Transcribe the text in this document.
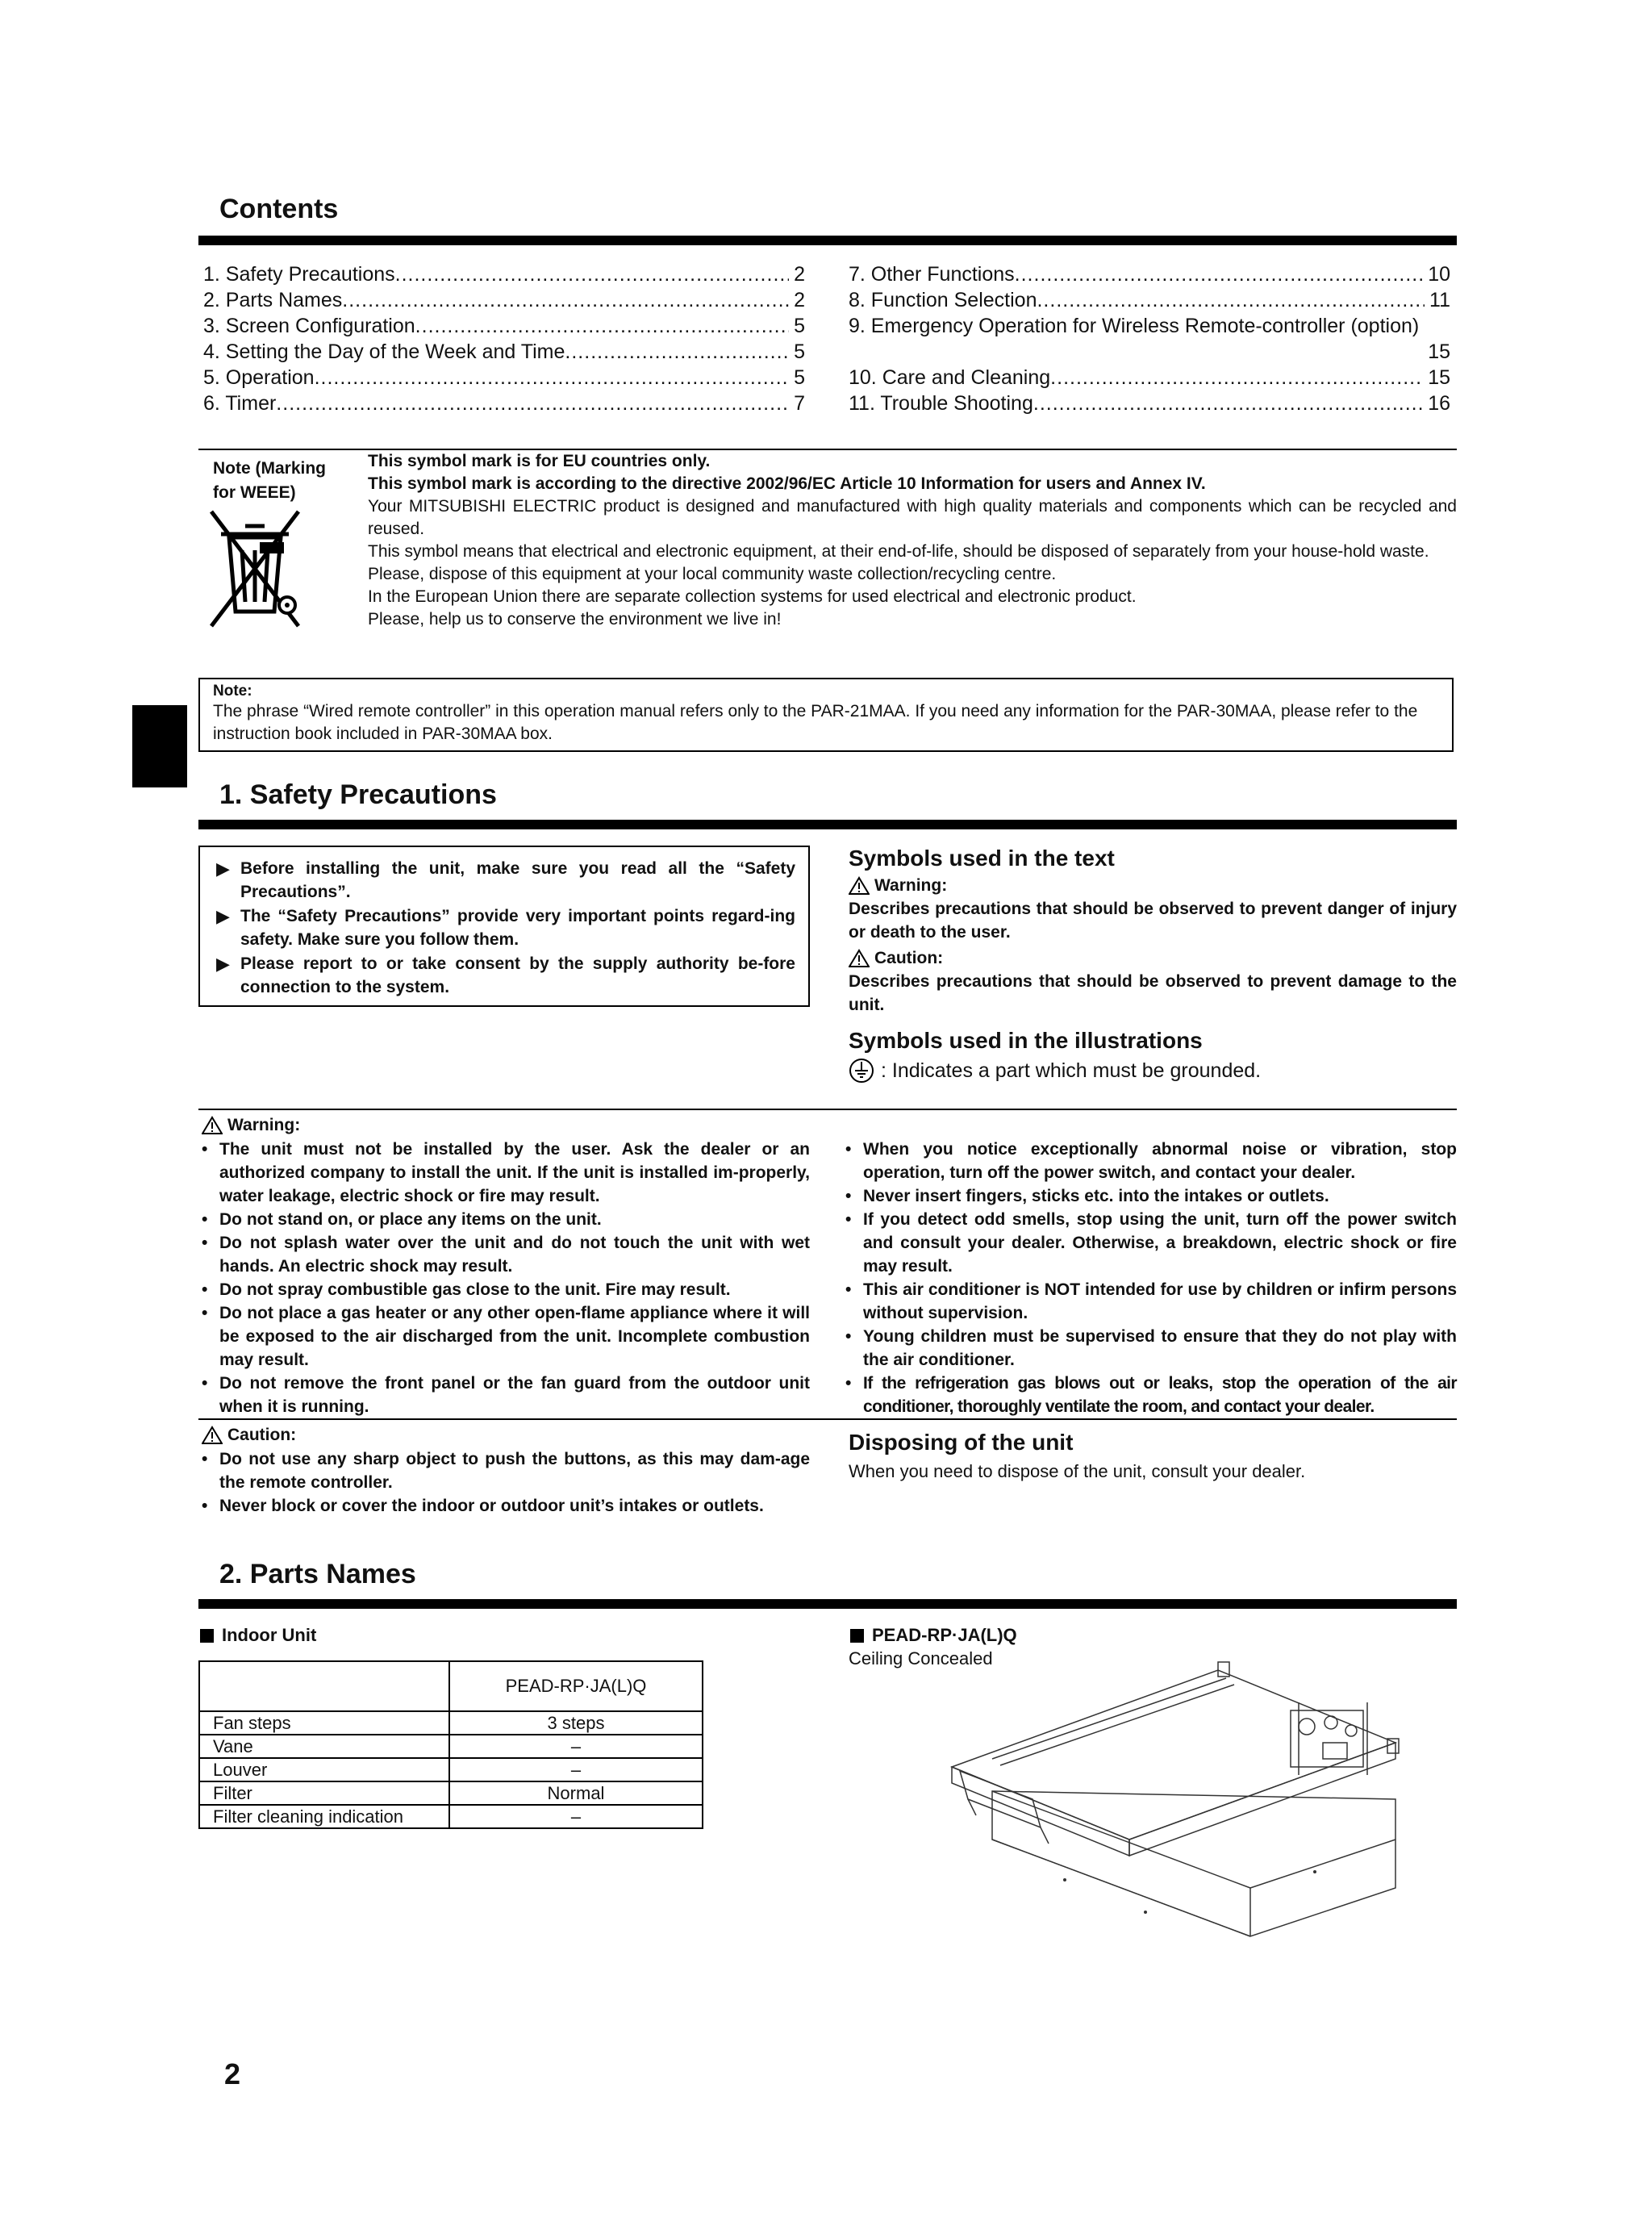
Contents
1. Safety Precautions .....	2
2. Parts Names .....	2
3. Screen Configuration .....	5
4. Setting the Day of the Week and Time .....	5
5. Operation .....	5
6. Timer .....	7
7. Other Functions .....	10
8. Function Selection .....	11
9. Emergency Operation for Wireless Remote-controller (option)
15
10. Care and Cleaning .....	15
11. Trouble Shooting .....	16
Note (Marking
for WEEE)

This symbol mark is for EU countries only.

This symbol mark is according to the directive 2002/96/EC Article 10 Information for users and Annex IV.

Your MITSUBISHI ELECTRIC product is designed and manufactured with high quality materials and components which can be recycled and reused.

This symbol means that electrical and electronic equipment, at their end-of-life, should be disposed of separately from your house-hold waste.

Please, dispose of this equipment at your local community waste collection/recycling centre.

In the European Union there are separate collection systems for used electrical and electronic product.

Please, help us to conserve the environment we live in!

Note:
The phrase “Wired remote controller” in this operation manual refers only to the PAR-21MAA. If you need any information for the PAR-30MAA, please refer to the instruction book included in PAR-30MAA box.
1. Safety Precautions
▶ Before installing the unit, make sure you read all the “Safety Precautions”.
▶ The “Safety Precautions” provide very important points regard-ing safety. Make sure you follow them.
▶ Please report to or take consent by the supply authority be-fore connection to the system.
Symbols used in the text
Warning:
Describes precautions that should be observed to prevent danger of injury or death to the user.
Caution:
Describes precautions that should be observed to prevent damage to the unit.
Symbols used in the illustrations
: Indicates a part which must be grounded.
Warning:
• The unit must not be installed by the user. Ask the dealer or an authorized company to install the unit. If the unit is installed im-properly, water leakage, electric shock or fire may result.
• Do not stand on, or place any items on the unit.
• Do not splash water over the unit and do not touch the unit with wet hands. An electric shock may result.
• Do not spray combustible gas close to the unit. Fire may result.
• Do not place a gas heater or any other open-flame appliance where it will be exposed to the air discharged from the unit. Incomplete combustion may result.
• Do not remove the front panel or the fan guard from the outdoor unit when it is running.
• When you notice exceptionally abnormal noise or vibration, stop operation, turn off the power switch, and contact your dealer.
• Never insert fingers, sticks etc. into the intakes or outlets.
• If you detect odd smells, stop using the unit, turn off the power switch and consult your dealer. Otherwise, a breakdown, electric shock or fire may result.
• This air conditioner is NOT intended for use by children or infirm persons without supervision.
• Young children must be supervised to ensure that they do not play with the air conditioner.
• If the refrigeration gas blows out or leaks, stop the operation of the air conditioner, thoroughly ventilate the room, and contact your dealer.
Caution:
• Do not use any sharp object to push the buttons, as this may dam-age the remote controller.
• Never block or cover the indoor or outdoor unit’s intakes or outlets.
Disposing of the unit
When you need to dispose of the unit, consult your dealer.
2. Parts Names
Indoor Unit
	PEAD-RP·JA(L)Q
Fan steps	3 steps
Vane	–
Louver	–
Filter	Normal
Filter cleaning indication	–
PEAD-RP·JA(L)Q
Ceiling Concealed
2
